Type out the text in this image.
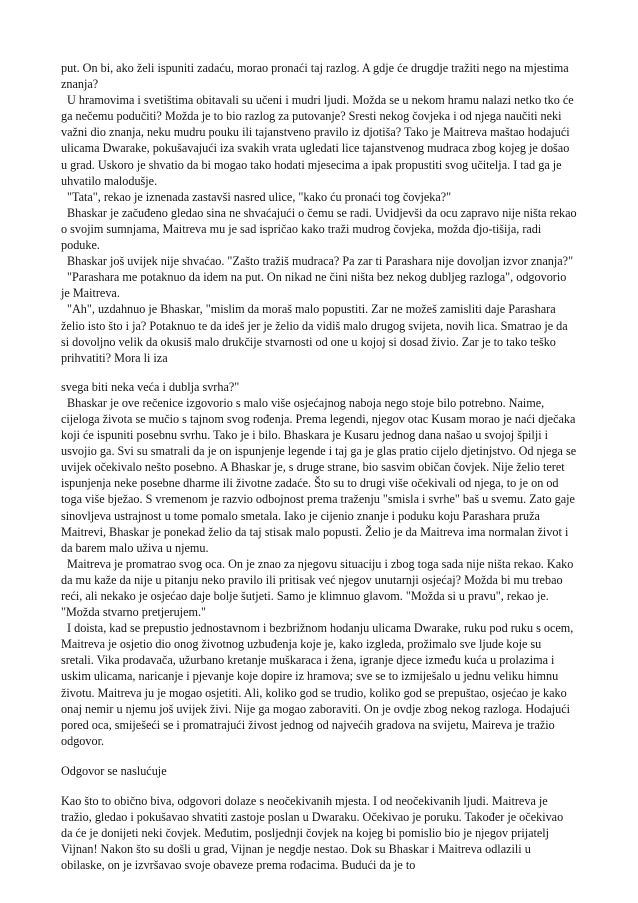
put. On bi, ako želi ispuniti zadaću, morao pronaći taj razlog. A gdje će drugdje tražiti nego na mjestima znanja?

U hramovima i svetištima obitavali su učeni i mudri ljudi. Možda se u nekom hramu nalazi netko tko će ga nečemu podučiti? Možda je to bio razlog za putovanje? Sresti nekog čovjeka i od njega naučiti neki važni dio znanja, neku mudru pouku ili tajanstveno pravilo iz djotiša? Tako je Maitreva maštao hodajući ulicama Dwarake, pokušavajući iza svakih vrata ugledati lice tajanstvenog mudraca zbog kojeg je došao u grad. Uskoro je shvatio da bi mogao tako hodati mjesecima a ipak propustiti svog učitelja. I tad ga je uhvatilo malodušje.

"Tata", rekao je iznenada zastavši nasred ulice, "kako ću pronaći tog čovjeka?"

Bhaskar je začuđeno gledao sina ne shvaćajući o čemu se radi. Uvidjevši da ocu zapravo nije ništa rekao o svojim sumnjama, Maitreva mu je sad ispričao kako traži mudrog čovjeka, možda đjo-tišija, radi poduke.

Bhaskar još uvijek nije shvaćao. "Zašto tražiš mudraca? Pa zar ti Parashara nije dovoljan izvor znanja?"

"Parashara me potaknuo da idem na put. On nikad ne čini ništa bez nekog dubljeg razloga", odgovorio je Maitreva.

"Ah", uzdahnuo je Bhaskar, "mislim da moraš malo popustiti. Zar ne možeš zamisliti daje Parashara želio isto što i ja? Potaknuo te da ideš jer je želio da vidiš malo drugog svijeta, novih lica. Smatrao je da si dovoljno velik da okusiš malo drukčije stvarnosti od one u kojoj si dosad živio. Zar je to tako teško prihvatiti? Mora li iza

svega biti neka veća i dublja svrha?"

Bhaskar je ove rečenice izgovorio s malo više osjećajnog naboja nego stoje bilo potrebno. Naime, cijeloga života se mučio s tajnom svog rođenja. Prema legendi, njegov otac Kusam morao je naći dječaka koji će ispuniti posebnu svrhu. Tako je i bilo. Bhaskara je Kusaru jednog dana našao u svojoj špilji i usvojio ga. Svi su smatrali da je on ispunjenje legende i taj ga je glas pratio cijelo djetinjstvo. Od njega se uvijek očekivalo nešto posebno. A Bhaskar je, s druge strane, bio sasvim običan čovjek. Nije želio teret ispunjenja neke posebne dharme ili životne zadaće. Što su to drugi više očekivali od njega, to je on od toga više bježao. S vremenom je razvio odbojnost prema traženju "smisla i svrhe" baš u svemu. Zato gaje sinovljeva ustrajnost u tome pomalo smetala. Iako je cijenio znanje i poduku koju Parashara pruža Maitrevi, Bhaskar je ponekad želio da taj stisak malo popusti. Želio je da Maitreva ima normalan život i da barem malo uživa u njemu.

Maitreva je promatrao svog oca. On je znao za njegovu situaciju i zbog toga sada nije ništa rekao. Kako da mu kaže da nije u pitanju neko pravilo ili pritisak već njegov unutarnji osjećaj? Možda bi mu trebao reći, ali nekako je osjećao daje bolje šutjeti. Samo je klimnuo glavom. "Možda si u pravu", rekao je. "Možda stvarno pretjerujem."

I doista, kad se prepustio jednostavnom i bezbrižnom hodanju ulicama Dwarake, ruku pod ruku s ocem, Maitreva je osjetio dio onog životnog uzbuđenja koje je, kako izgleda, prožimalo sve ljude koje su sretali. Vika prodavača, užurbano kretanje muškaraca i žena, igranje djece između kuća u prolazima i uskim ulicama, naricanje i pjevanje koje dopire iz hramova; sve se to izmiješalo u jednu veliku himnu životu. Maitreva ju je mogao osjetiti. Ali, koliko god se trudio, koliko god se prepuštao, osjećao je kako onaj nemir u njemu još uvijek živi. Nije ga mogao zaboraviti. On je ovdje zbog nekog razloga. Hodajući pored oca, smiješeći se i promatrajući živost jednog od najvećih gradova na svijetu, Maireva je tražio odgovor.

Odgovor se naslućuje

Kao što to obično biva, odgovori dolaze s neočekivanih mjesta. I od neočekivanih ljudi. Maitreva je tražio, gledao i pokušavao shvatiti zastoje poslan u Dwaraku. Očekivao je poruku. Također je očekivao da će je donijeti neki čovjek. Međutim, posljednji čovjek na kojeg bi pomislio bio je njegov prijatelj Vijnan! Nakon što su došli u grad, Vijnan je negdje nestao. Dok su Bhaskar i Maitreva odlazili u obilaske, on je izvršavao svoje obaveze prema rođacima. Budući da je to
